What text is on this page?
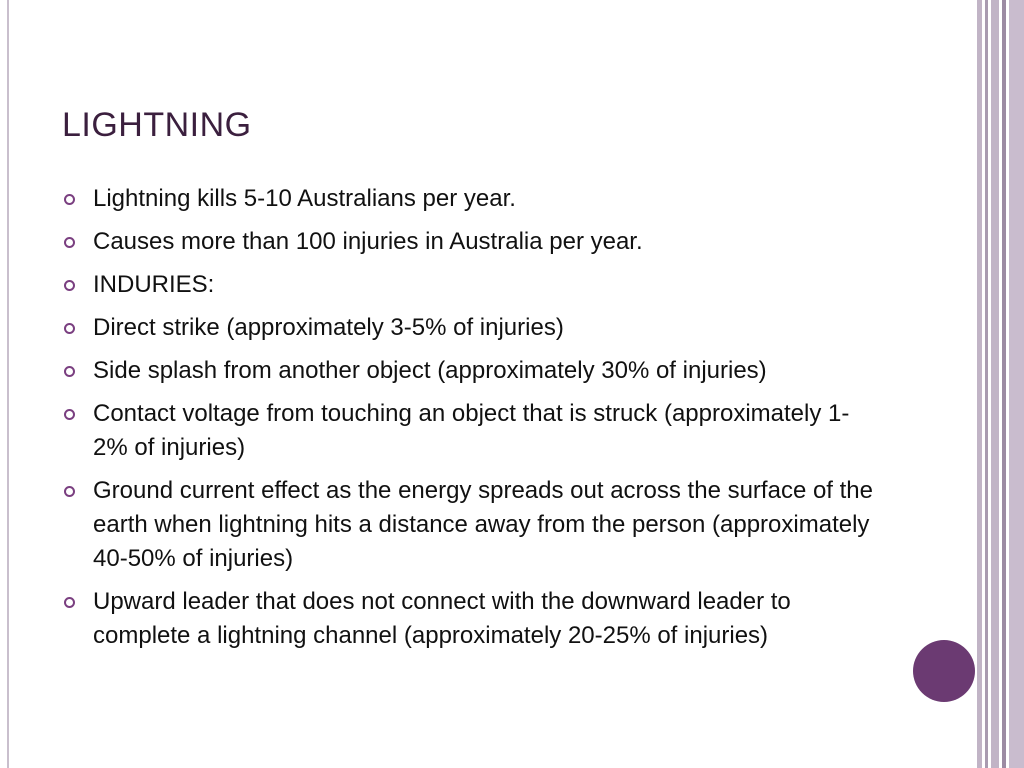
LIGHTNING
Lightning kills 5-10 Australians per year.
Causes more than 100 injuries in Australia per year.
INDURIES:
Direct strike (approximately 3-5% of injuries)
Side splash from another object (approximately 30% of injuries)
Contact voltage from touching an object that is struck (approximately 1-2% of injuries)
Ground current effect as the energy spreads out across the surface of the earth when lightning hits a distance away from the person (approximately 40-50% of injuries)
Upward leader that does not connect with the downward leader to complete a lightning channel (approximately 20-25% of injuries)
